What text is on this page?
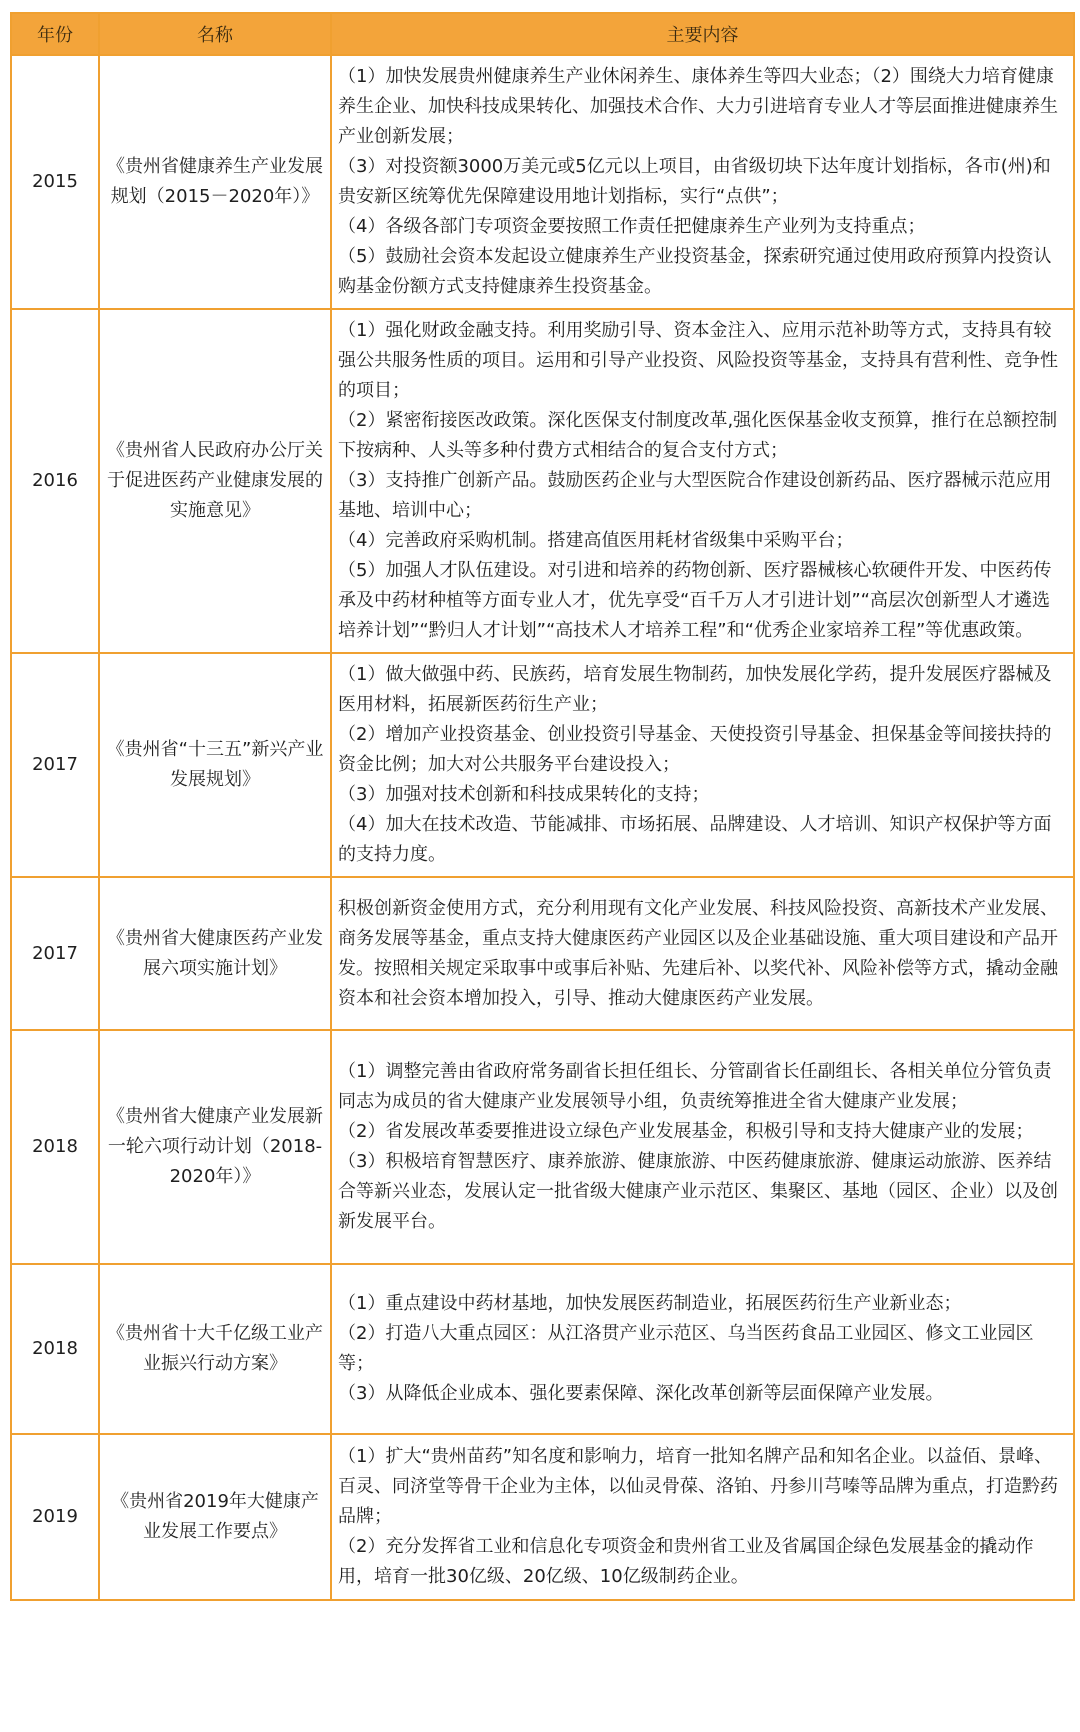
年份	名称	主要内容
2015	《贵州省健康养生产业发展规划（2015－2020年）》	（1）加快发展贵州健康养生产业休闲养生、康体养生等四大业态；（2）围绕大力培育健康养生企业、加快科技成果转化、加强技术合作、大力引进培育专业人才等层面推进健康养生产业创新发展；

（3）对投资额3000万美元或5亿元以上项目，由省级切块下达年度计划指标，各市(州)和贵安新区统筹优先保障建设用地计划指标，实行“点供”；

（4）各级各部门专项资金要按照工作责任把健康养生产业列为支持重点；

（5）鼓励社会资本发起设立健康养生产业投资基金，探索研究通过使用政府预算内投资认购基金份额方式支持健康养生投资基金。

2016	《贵州省人民政府办公厅关于促进医药产业健康发展的实施意见》	（1）强化财政金融支持。利用奖励引导、资本金注入、应用示范补助等方式，支持具有较强公共服务性质的项目。运用和引导产业投资、风险投资等基金，支持具有营利性、竞争性的项目；

（2）紧密衔接医改政策。深化医保支付制度改革,强化医保基金收支预算，推行在总额控制下按病种、人头等多种付费方式相结合的复合支付方式；

（3）支持推广创新产品。鼓励医药企业与大型医院合作建设创新药品、医疗器械示范应用基地、培训中心；

（4）完善政府采购机制。搭建高值医用耗材省级集中采购平台；

（5）加强人才队伍建设。对引进和培养的药物创新、医疗器械核心软硬件开发、中医药传承及中药材种植等方面专业人才，优先享受“百千万人才引进计划”“高层次创新型人才遴选培养计划”“黔归人才计划”“高技术人才培养工程”和“优秀企业家培养工程”等优惠政策。

2017	《贵州省“十三五”新兴产业发展规划》	（1）做大做强中药、民族药，培育发展生物制药，加快发展化学药，提升发展医疗器械及医用材料，拓展新医药衍生产业；

（2）增加产业投资基金、创业投资引导基金、天使投资引导基金、担保基金等间接扶持的资金比例；加大对公共服务平台建设投入；

（3）加强对技术创新和科技成果转化的支持；

（4）加大在技术改造、节能减排、市场拓展、品牌建设、人才培训、知识产权保护等方面的支持力度。

2017	《贵州省大健康医药产业发展六项实施计划》	积极创新资金使用方式，充分利用现有文化产业发展、科技风险投资、高新技术产业发展、商务发展等基金，重点支持大健康医药产业园区以及企业基础设施、重大项目建设和产品开发。按照相关规定采取事中或事后补贴、先建后补、以奖代补、风险补偿等方式，撬动金融资本和社会资本增加投入，引导、推动大健康医药产业发展。

2018	《贵州省大健康产业发展新一轮六项行动计划（2018-2020年）》	（1）调整完善由省政府常务副省长担任组长、分管副省长任副组长、各相关单位分管负责同志为成员的省大健康产业发展领导小组，负责统筹推进全省大健康产业发展；

（2）省发展改革委要推进设立绿色产业发展基金，积极引导和支持大健康产业的发展；

（3）积极培育智慧医疗、康养旅游、健康旅游、中医药健康旅游、健康运动旅游、医养结合等新兴业态，发展认定一批省级大健康产业示范区、集聚区、基地（园区、企业）以及创新发展平台。

2018	《贵州省十大千亿级工业产业振兴行动方案》	（1）重点建设中药材基地，加快发展医药制造业，拓展医药衍生产业新业态；

（2）打造八大重点园区：从江洛贯产业示范区、乌当医药食品工业园区、修文工业园区等；

（3）从降低企业成本、强化要素保障、深化改革创新等层面保障产业发展。

2019	《贵州省2019年大健康产业发展工作要点》	（1）扩大“贵州苗药”知名度和影响力，培育一批知名牌产品和知名企业。以益佰、景峰、百灵、同济堂等骨干企业为主体，以仙灵骨葆、洛铂、丹参川芎嗪等品牌为重点，打造黔药品牌；

（2）充分发挥省工业和信息化专项资金和贵州省工业及省属国企绿色发展基金的撬动作用，培育一批30亿级、20亿级、10亿级制药企业。
